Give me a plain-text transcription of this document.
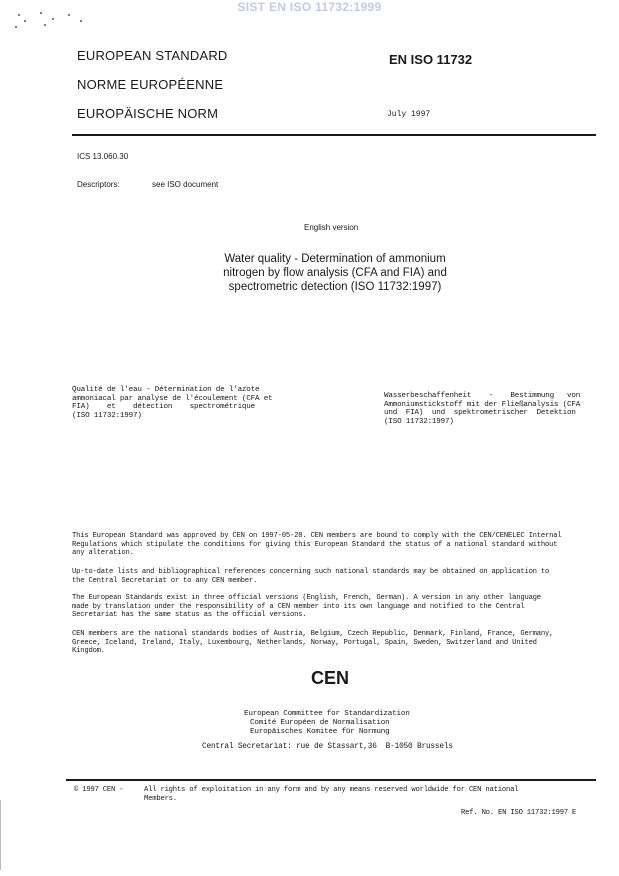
SIST EN ISO 11732:1999
EUROPEAN STANDARD
NORME EUROPÉENNE
EUROPÄISCHE NORM
EN ISO 11732
July 1997
ICS 13.060.30
Descriptors:	see ISO document
English version
Water quality - Determination of ammonium
nitrogen by flow analysis (CFA and FIA) and
spectrometric detection (ISO 11732:1997)
Qualité de l'eau - Détermination de l'azote
ammoniacal par analyse de l'écoulement (CFA et
FIA)    et    détection    spectrométrique
(ISO 11732:1997)
Wasserbeschaffenheit    -    Bestimmung   von
Ammoniumstickstoff mit der Fließanalysis (CFA
und  FIA)  und  spektrometrischer  Detektion
(ISO 11732:1997)
This European Standard was approved by CEN on 1997-05-28. CEN members are bound to comply with the CEN/CENELEC Internal
Regulations which stipulate the conditions for giving this European Standard the status of a national standard without
any alteration.
Up-to-date lists and bibliographical references concerning such national standards may be obtained on application to
the Central Secretariat or to any CEN member.
The European Standards exist in three official versions (English, French, German). A version in any other language
made by translation under the responsibility of a CEN member into its own language and notified to the Central
Secretariat has the same status as the official versions.
CEN members are the national standards bodies of Austria, Belgium, Czech Republic, Denmark, Finland, France, Germany,
Greece, Iceland, Ireland, Italy, Luxembourg, Netherlands, Norway, Portugal, Spain, Sweden, Switzerland and United
Kingdom.
CEN
European Committee for Standardization
Comité Européen de Normalisation
Europäisches Komitee für Normung
Central Secretariat: rue de Stassart,36  B-1050 Brussels
© 1997 CEN -	All rights of exploitation in any form and by any means reserved worldwide for CEN national
Members.
Ref. No. EN ISO 11732:1997 E
